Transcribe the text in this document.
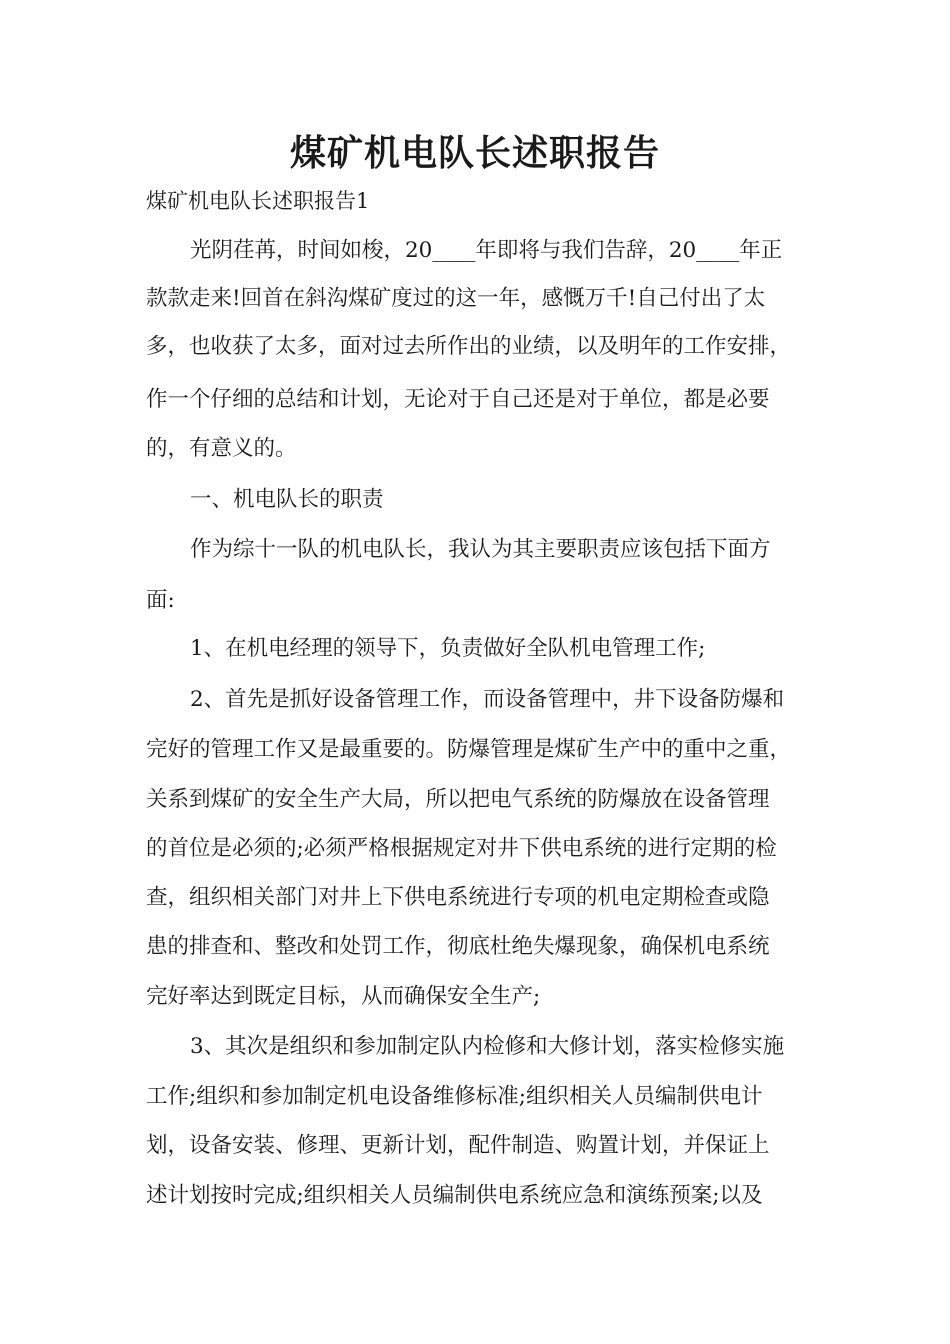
煤矿机电队长述职报告

煤矿机电队长述职报告1

光阴荏苒，时间如梭，20____年即将与我们告辞，20____年正

款款走来!回首在斜沟煤矿度过的这一年，感慨万千!自己付出了太

多，也收获了太多，面对过去所作出的业绩，以及明年的工作安排，

作一个仔细的总结和计划，无论对于自己还是对于单位，都是必要

的，有意义的。

一、机电队长的职责

作为综十一队的机电队长，我认为其主要职责应该包括下面方

面:

1、在机电经理的领导下，负责做好全队机电管理工作;

2、首先是抓好设备管理工作，而设备管理中，井下设备防爆和

完好的管理工作又是最重要的。防爆管理是煤矿生产中的重中之重，

关系到煤矿的安全生产大局，所以把电气系统的防爆放在设备管理

的首位是必须的;必须严格根据规定对井下供电系统的进行定期的检

查，组织相关部门对井上下供电系统进行专项的机电定期检查或隐

患的排查和、整改和处罚工作，彻底杜绝失爆现象，确保机电系统

完好率达到既定目标，从而确保安全生产;

3、其次是组织和参加制定队内检修和大修计划，落实检修实施

工作;组织和参加制定机电设备维修标准;组织相关人员编制供电计

划，设备安装、修理、更新计划，配件制造、购置计划，并保证上

述计划按时完成;组织相关人员编制供电系统应急和演练预案;以及
